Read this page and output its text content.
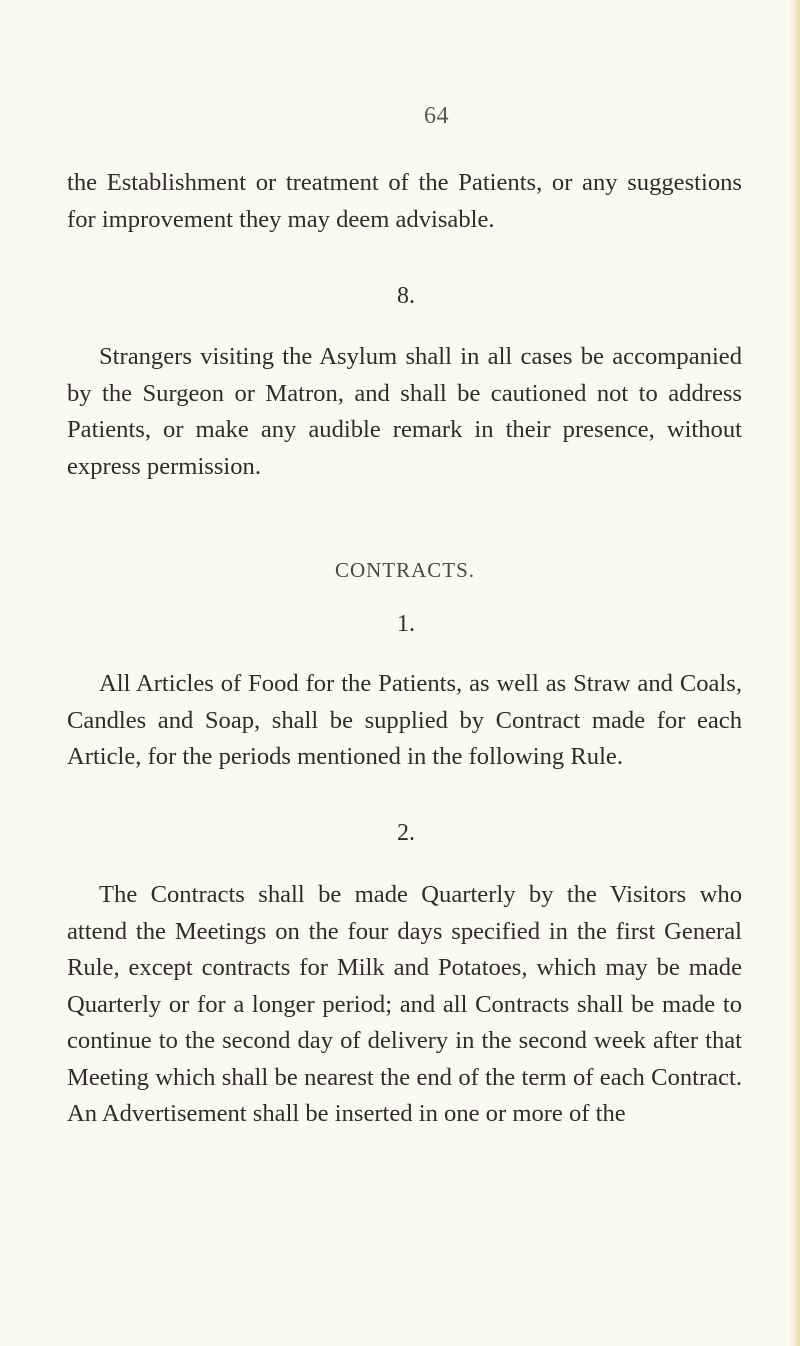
64

the Establishment or treatment of the Patients, or any suggestions for improvement they may deem advisable.

8.

Strangers visiting the Asylum shall in all cases be accompanied by the Surgeon or Matron, and shall be cautioned not to address Patients, or make any audible remark in their presence, without express permission.

CONTRACTS.

1.

All Articles of Food for the Patients, as well as Straw and Coals, Candles and Soap, shall be supplied by Contract made for each Article, for the periods mentioned in the following Rule.

2.

The Contracts shall be made Quarterly by the Visitors who attend the Meetings on the four days specified in the first General Rule, except contracts for Milk and Potatoes, which may be made Quarterly or for a longer period; and all Contracts shall be made to continue to the second day of delivery in the second week after that Meeting which shall be nearest the end of the term of each Contract. An Advertisement shall be inserted in one or more of the
